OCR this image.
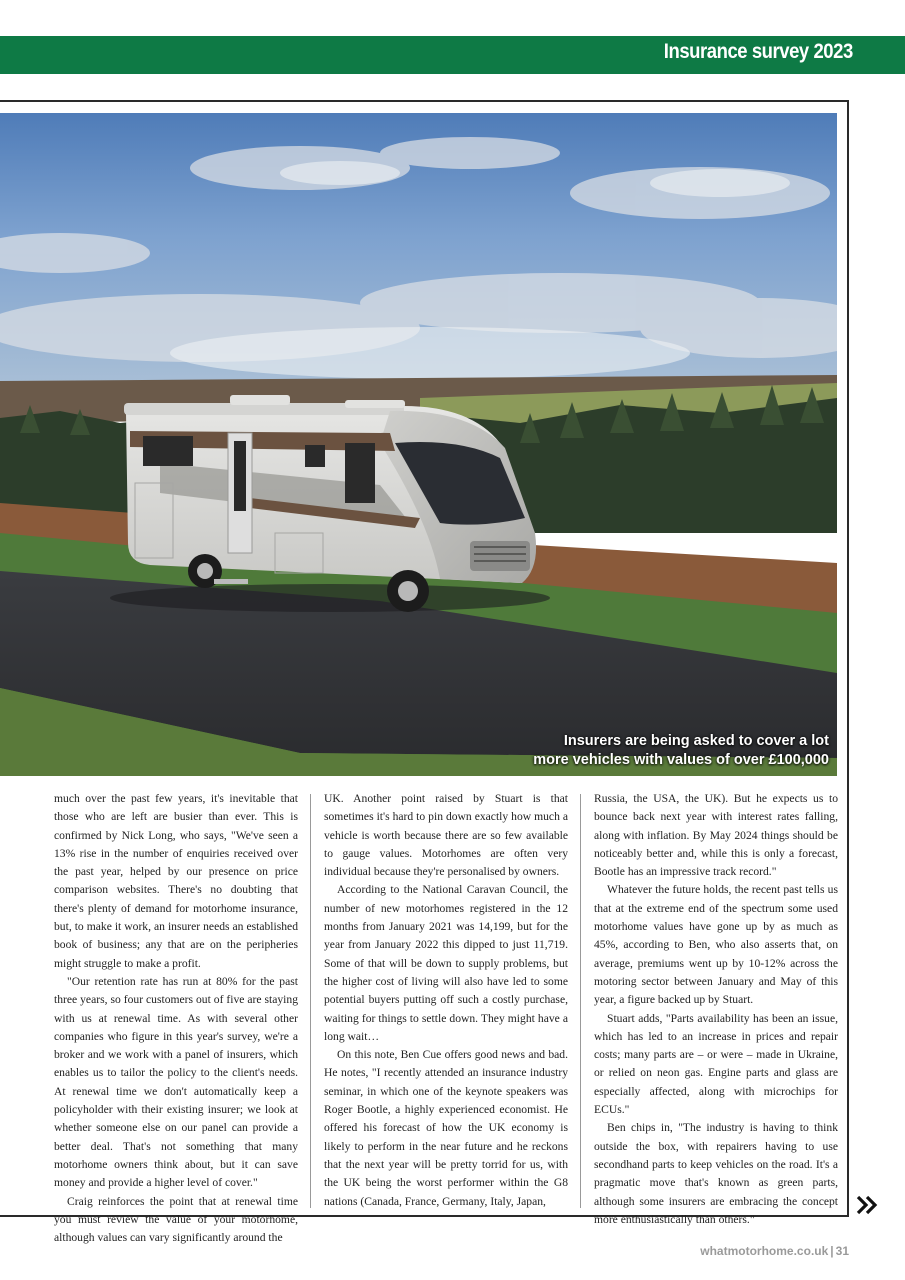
Insurance survey 2023
Insurers are being asked to cover a lot
more vehicles with values of over £100,000

much over the past few years, it's inevitable that those who are left are busier than ever. This is confirmed by Nick Long, who says, "We've seen a 13% rise in the number of enquiries received over the past year, helped by our presence on price comparison websites. There's no doubting that there's plenty of demand for motorhome insurance, but, to make it work, an insurer needs an established book of business; any that are on the peripheries might struggle to make a profit.

"Our retention rate has run at 80% for the past three years, so four customers out of five are staying with us at renewal time. As with several other companies who figure in this year's survey, we're a broker and we work with a panel of insurers, which enables us to tailor the policy to the client's needs. At renewal time we don't automatically keep a policyholder with their existing insurer; we look at whether someone else on our panel can provide a better deal. That's not something that many motorhome owners think about, but it can save money and provide a higher level of cover."

Craig reinforces the point that at renewal time you must review the value of your motorhome, although values can vary significantly around the

UK. Another point raised by Stuart is that sometimes it's hard to pin down exactly how much a vehicle is worth because there are so few available to gauge values. Motorhomes are often very individual because they're personalised by owners.

According to the National Caravan Council, the number of new motorhomes registered in the 12 months from January 2021 was 14,199, but for the year from January 2022 this dipped to just 11,719. Some of that will be down to supply problems, but the higher cost of living will also have led to some potential buyers putting off such a costly purchase, waiting for things to settle down. They might have a long wait…

On this note, Ben Cue offers good news and bad. He notes, "I recently attended an insurance industry seminar, in which one of the keynote speakers was Roger Bootle, a highly experienced economist. He offered his forecast of how the UK economy is likely to perform in the near future and he reckons that the next year will be pretty torrid for us, with the UK being the worst performer within the G8 nations (Canada, France, Germany, Italy, Japan,

Russia, the USA, the UK). But he expects us to bounce back next year with interest rates falling, along with inflation. By May 2024 things should be noticeably better and, while this is only a forecast, Bootle has an impressive track record."

Whatever the future holds, the recent past tells us that at the extreme end of the spectrum some used motorhome values have gone up by as much as 45%, according to Ben, who also asserts that, on average, premiums went up by 10-12% across the motoring sector between January and May of this year, a figure backed up by Stuart.

Stuart adds, "Parts availability has been an issue, which has led to an increase in prices and repair costs; many parts are – or were – made in Ukraine, or relied on neon gas. Engine parts and glass are especially affected, along with microchips for ECUs."

Ben chips in, "The industry is having to think outside the box, with repairers having to use secondhand parts to keep vehicles on the road. It's a pragmatic move that's known as green parts, although some insurers are embracing the concept more enthusiastically than others."

whatmotorhome.co.uk | 31
